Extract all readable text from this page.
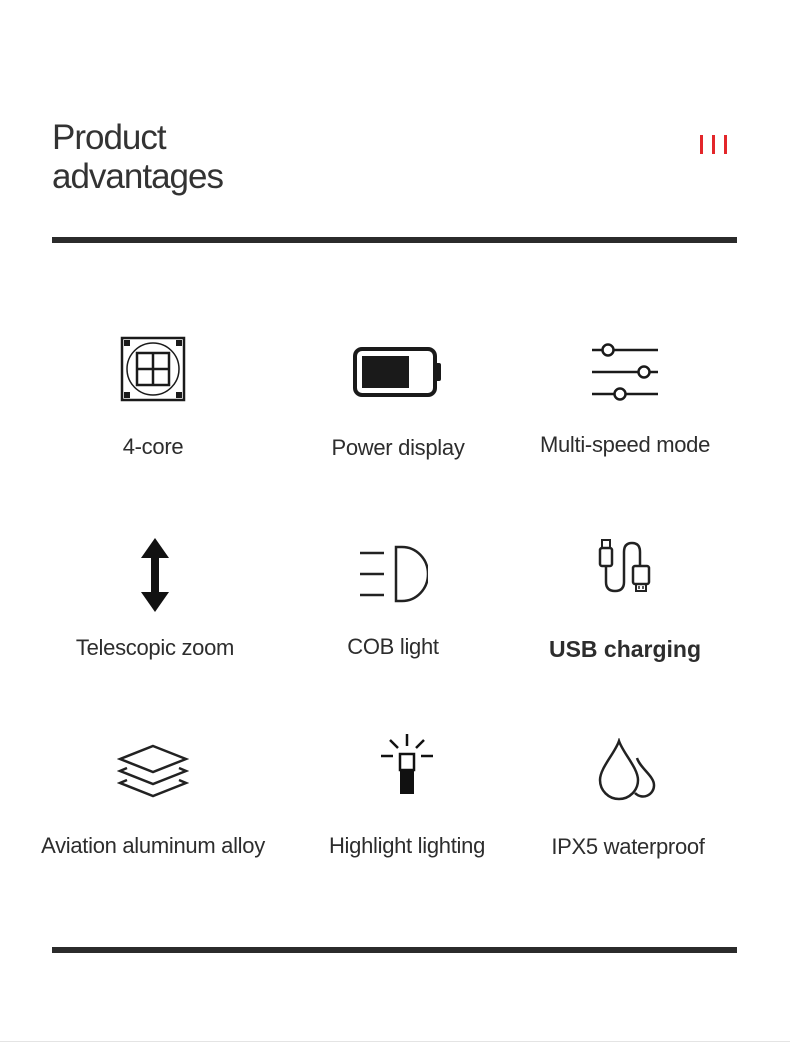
Product
advantages
4-core	Power display	Multi-speed mode
Telescopic zoom	COB light	USB charging
Aviation aluminum alloy	Highlight lighting	IPX5 waterproof
